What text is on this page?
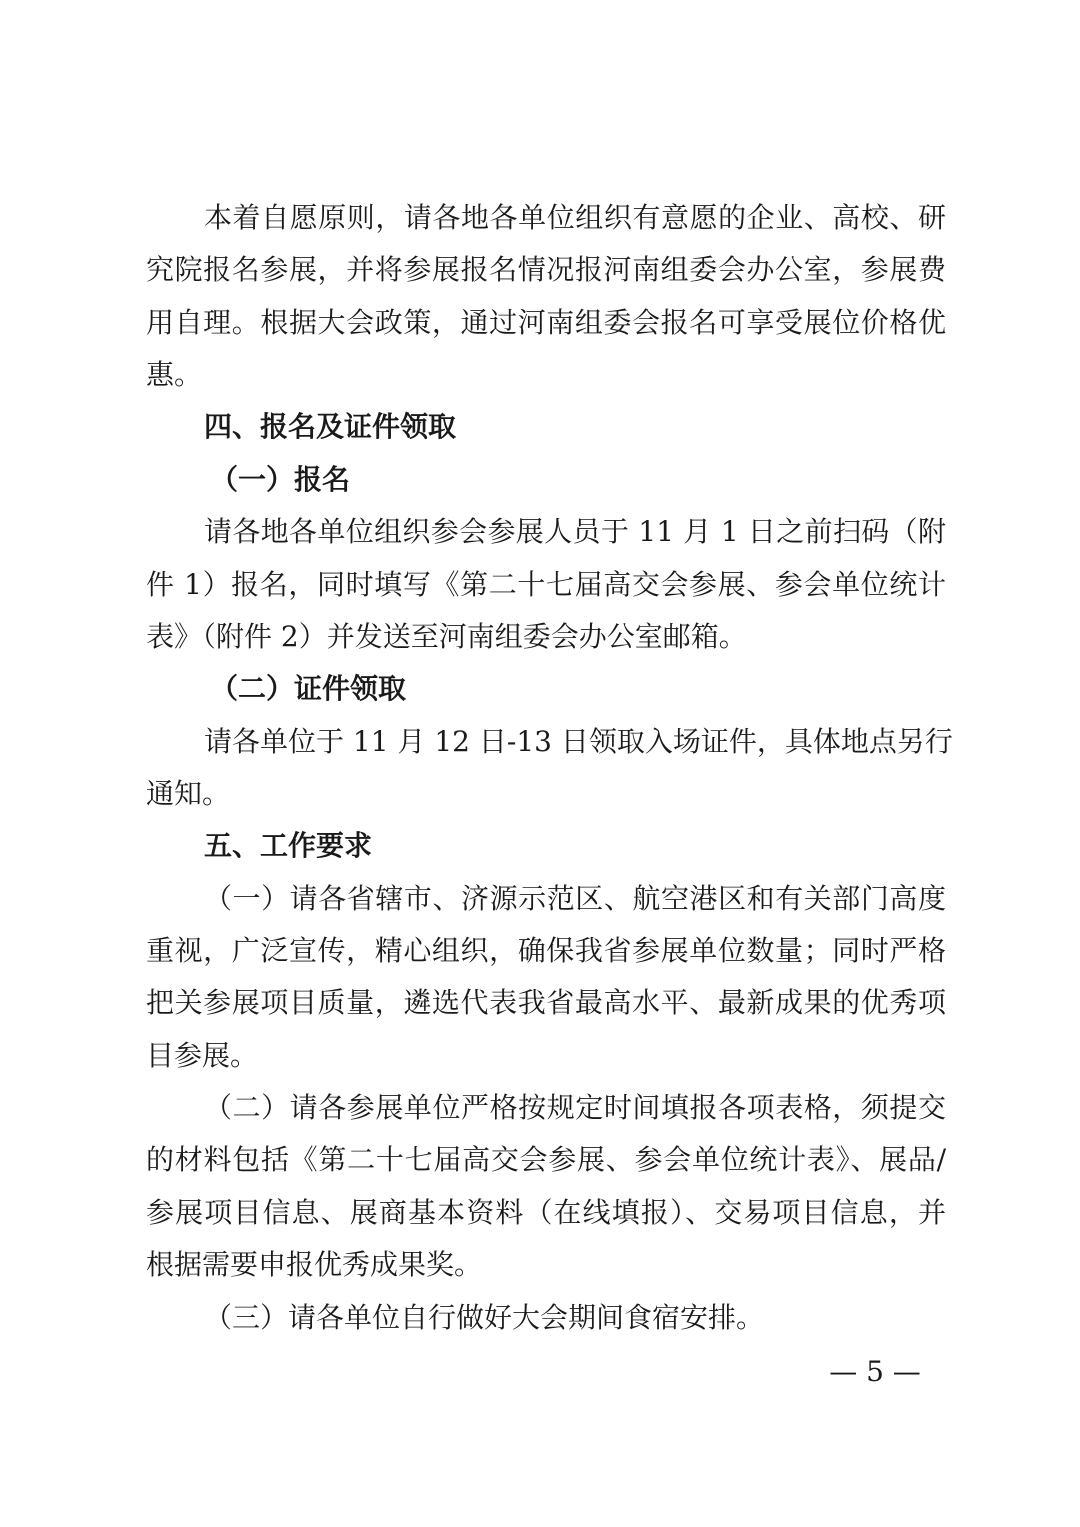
本着自愿原则，请各地各单位组织有意愿的企业、高校、研
究院报名参展，并将参展报名情况报河南组委会办公室，参展费
用自理。根据大会政策，通过河南组委会报名可享受展位价格优
惠。
四、报名及证件领取
（一）报名
请各地各单位组织参会参展人员于 11 月 1 日之前扫码（附
件 1）报名，同时填写《第二十七届高交会参展、参会单位统计
表》（附件 2）并发送至河南组委会办公室邮箱。
（二）证件领取
请各单位于 11 月 12 日-13 日领取入场证件，具体地点另行
通知。
五、工作要求
（一）请各省辖市、济源示范区、航空港区和有关部门高度
重视，广泛宣传，精心组织，确保我省参展单位数量；同时严格
把关参展项目质量，遴选代表我省最高水平、最新成果的优秀项
目参展。
（二）请各参展单位严格按规定时间填报各项表格，须提交
的材料包括《第二十七届高交会参展、参会单位统计表》、展品/
参展项目信息、展商基本资料（在线填报）、交易项目信息，并
根据需要申报优秀成果奖。
（三）请各单位自行做好大会期间食宿安排。
— 5 —
